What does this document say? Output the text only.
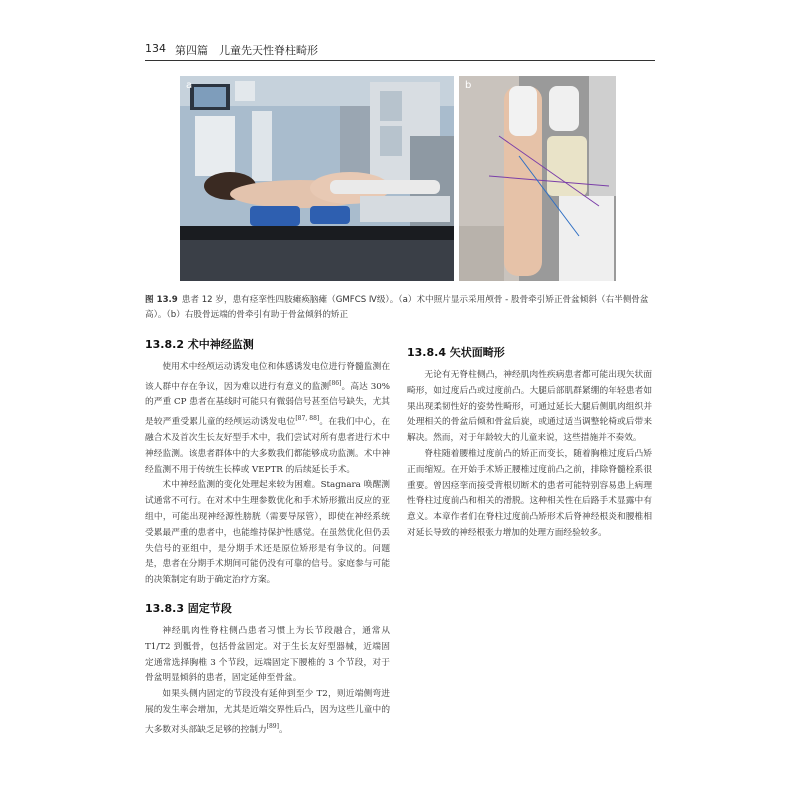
134 第四篇　儿童先天性脊柱畸形
a	b
图 13.9 患者 12 岁，患有痉挛性四肢瘫痪脑瘫（GMFCS Ⅳ级）。（a）术中照片显示采用颅骨 - 股骨牵引矫正骨盆倾斜（右半侧骨盆高）。（b）右股骨远端的骨牵引有助于骨盆倾斜的矫正
13.8.2 术中神经监测

使用术中经颅运动诱发电位和体感诱发电位进行脊髓监测在该人群中存在争议，因为难以进行有意义的监测[86]。高达 30% 的严重 CP 患者在基线时可能只有微弱信号甚至信号缺失，尤其是较严重受累儿童的经颅运动诱发电位[87, 88]。在我们中心，在融合术及首次生长友好型手术中，我们尝试对所有患者进行术中神经监测。该患者群体中的大多数我们都能够成功监测。术中神经监测不用于传统生长棒或 VEPTR 的后续延长手术。

术中神经监测的变化处理起来较为困难。Stagnara 唤醒测试通常不可行。在对术中生理参数优化和手术矫形撤出反应的亚组中，可能出现神经源性膀胱（需要导尿管），即使在神经系统受累最严重的患者中，也能维持保护性感觉。在虽然优化但仍丢失信号的亚组中，是分期手术还是原位矫形是有争议的。问题是，患者在分期手术期间可能仍没有可靠的信号。家庭参与可能的决策制定有助于确定治疗方案。

13.8.3 固定节段

神经肌肉性脊柱侧凸患者习惯上为长节段融合，通常从 T1/T2 到骶骨，包括骨盆固定。对于生长友好型器械，近端固定通常选择胸椎 3 个节段，远端固定下腰椎的 3 个节段，对于骨盆明显倾斜的患者，固定延伸至骨盆。

如果头侧内固定的节段没有延伸到至少 T2，则近端侧弯进展的发生率会增加，尤其是近端交界性后凸，因为这些儿童中的大多数对头部缺乏足够的控制力[89]。

13.8.4 矢状面畸形

无论有无脊柱侧凸，神经肌肉性疾病患者都可能出现矢状面畸形，如过度后凸或过度前凸。大腿后部肌群紧绷的年轻患者如果出现柔韧性好的姿势性畸形，可通过延长大腿后侧肌肉组织并处理相关的骨盆后倾和骨盆后旋，或通过适当调整轮椅或后带来解决。然而，对于年龄较大的儿童来说，这些措施并不奏效。

脊柱随着腰椎过度前凸的矫正而变长，随着胸椎过度后凸矫正而缩短。在开始手术矫正腰椎过度前凸之前，排除脊髓栓系很重要。曾因痉挛而接受背根切断术的患者可能特别容易患上病理性脊柱过度前凸和相关的滑脱。这种相关性在后路手术显露中有意义。本章作者们在脊柱过度前凸矫形术后脊神经根炎和腰椎相对延长导致的神经根张力增加的处理方面经验较多。
